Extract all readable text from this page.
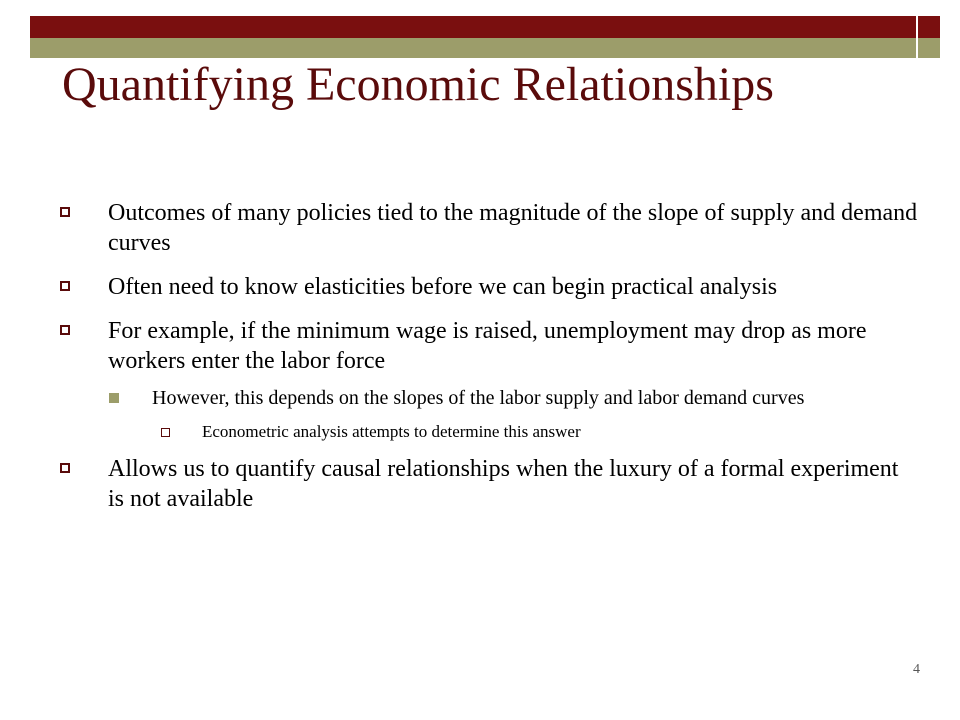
Quantifying Economic Relationships
Outcomes of many policies tied to the magnitude of the slope of supply and demand curves
Often need to know elasticities before we can begin practical analysis
For example, if the minimum wage is raised, unemployment may drop as more workers enter the labor force
However, this depends on the slopes of the labor supply and labor demand curves
Econometric analysis attempts to determine this answer
Allows us to quantify causal relationships when the luxury of a formal experiment is not available
4
